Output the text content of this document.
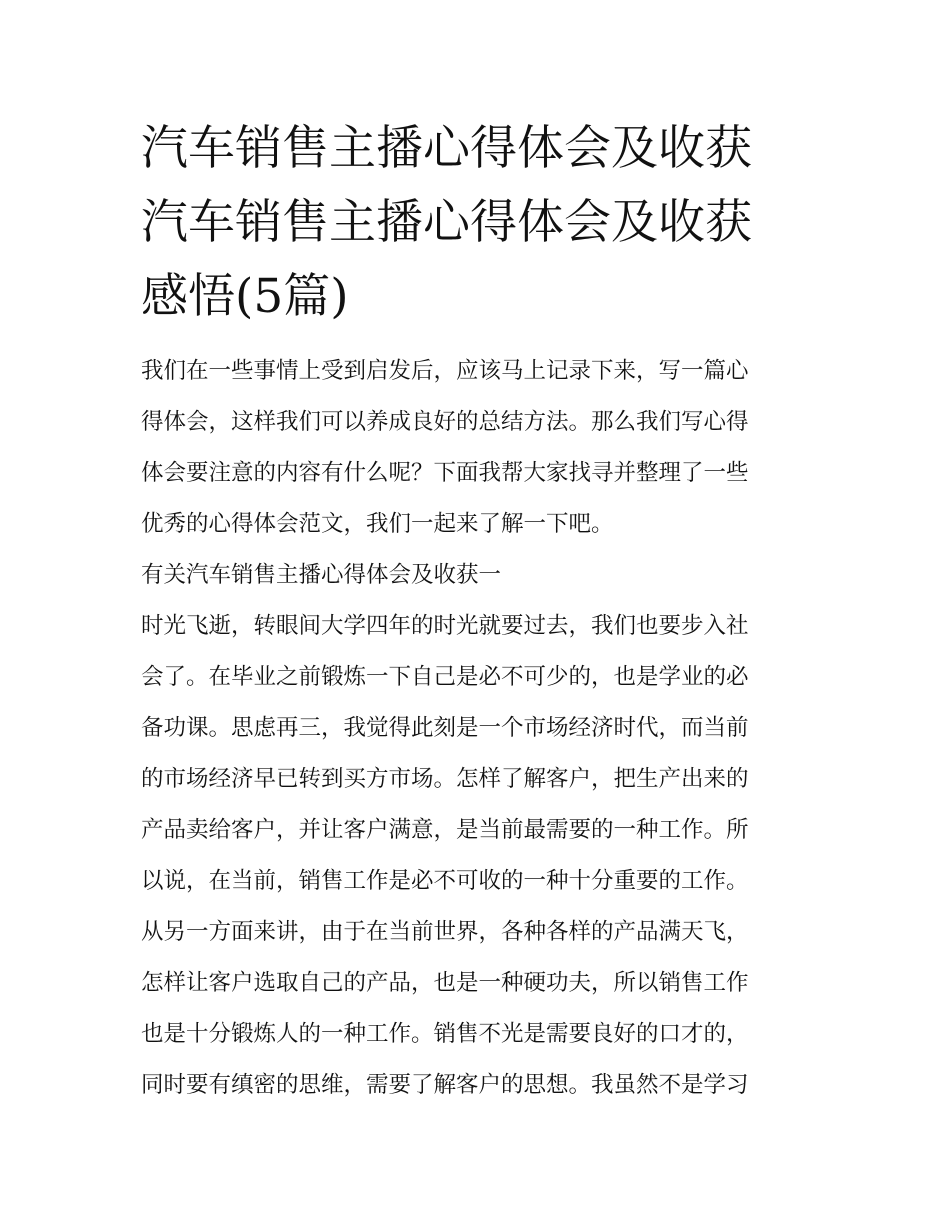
汽车销售主播心得体会及收获
汽车销售主播心得体会及收获
感悟(5篇)
我们在一些事情上受到启发后，应该马上记录下来，写一篇心
得体会，这样我们可以养成良好的总结方法。那么我们写心得
体会要注意的内容有什么呢？下面我帮大家找寻并整理了一些
优秀的心得体会范文，我们一起来了解一下吧。
有关汽车销售主播心得体会及收获一
时光飞逝，转眼间大学四年的时光就要过去，我们也要步入社
会了。在毕业之前锻炼一下自己是必不可少的，也是学业的必
备功课。思虑再三，我觉得此刻是一个市场经济时代，而当前
的市场经济早已转到买方市场。怎样了解客户，把生产出来的
产品卖给客户，并让客户满意，是当前最需要的一种工作。所
以说，在当前，销售工作是必不可收的一种十分重要的工作。
从另一方面来讲，由于在当前世界，各种各样的产品满天飞，
怎样让客户选取自己的产品，也是一种硬功夫，所以销售工作
也是十分锻炼人的一种工作。销售不光是需要良好的口才的，
同时要有缜密的思维，需要了解客户的思想。我虽然不是学习
